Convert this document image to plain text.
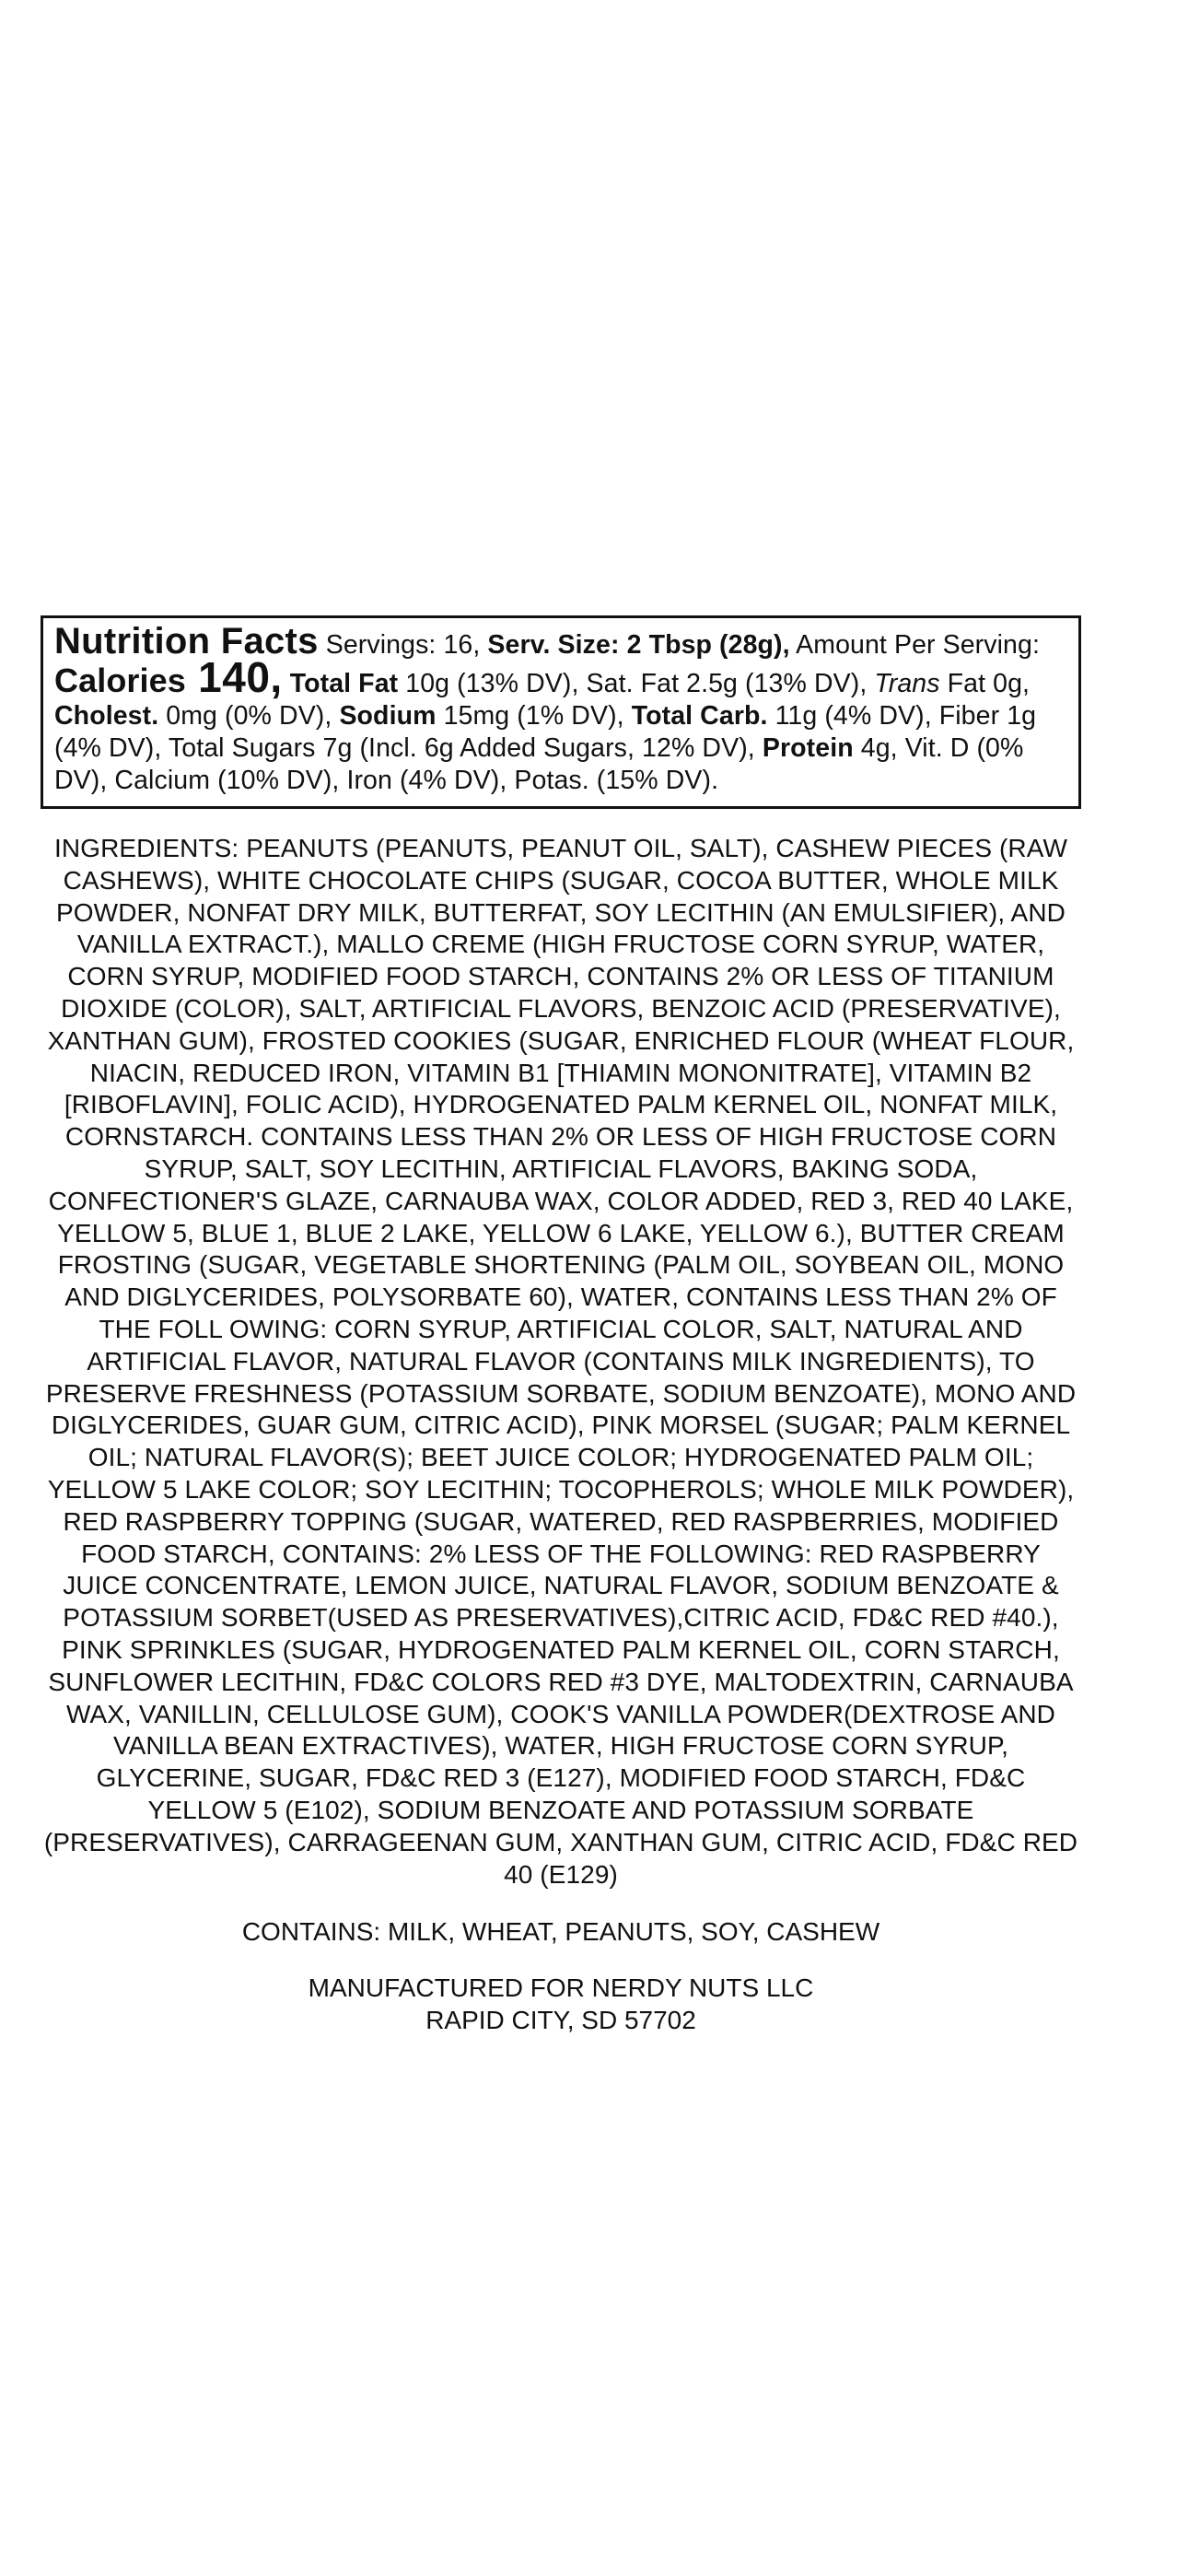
Nutrition Facts Servings: 16, Serv. Size: 2 Tbsp (28g), Amount Per Serving: Calories 140, Total Fat 10g (13% DV), Sat. Fat 2.5g (13% DV), Trans Fat 0g, Cholest. 0mg (0% DV), Sodium 15mg (1% DV), Total Carb. 11g (4% DV), Fiber 1g (4% DV), Total Sugars 7g (Incl. 6g Added Sugars, 12% DV), Protein 4g, Vit. D (0% DV), Calcium (10% DV), Iron (4% DV), Potas. (15% DV).
INGREDIENTS: PEANUTS (PEANUTS, PEANUT OIL, SALT), CASHEW PIECES (RAW CASHEWS), WHITE CHOCOLATE CHIPS (SUGAR, COCOA BUTTER, WHOLE MILK POWDER, NONFAT DRY MILK, BUTTERFAT, SOY LECITHIN (AN EMULSIFIER), AND VANILLA EXTRACT.), MALLO CREME (HIGH FRUCTOSE CORN SYRUP, WATER, CORN SYRUP, MODIFIED FOOD STARCH, CONTAINS 2% OR LESS OF TITANIUM DIOXIDE (COLOR), SALT, ARTIFICIAL FLAVORS, BENZOIC ACID (PRESERVATIVE), XANTHAN GUM), FROSTED COOKIES (SUGAR, ENRICHED FLOUR (WHEAT FLOUR, NIACIN, REDUCED IRON, VITAMIN B1 [THIAMIN MONONITRATE], VITAMIN B2 [RIBOFLAVIN], FOLIC ACID), HYDROGENATED PALM KERNEL OIL, NONFAT MILK, CORNSTARCH. CONTAINS LESS THAN 2% OR LESS OF HIGH FRUCTOSE CORN SYRUP, SALT, SOY LECITHIN, ARTIFICIAL FLAVORS, BAKING SODA, CONFECTIONER'S GLAZE, CARNAUBA WAX, COLOR ADDED, RED 3, RED 40 LAKE, YELLOW 5, BLUE 1, BLUE 2 LAKE, YELLOW 6 LAKE, YELLOW 6.), BUTTER CREAM FROSTING (SUGAR, VEGETABLE SHORTENING (PALM OIL, SOYBEAN OIL, MONO AND DIGLYCERIDES, POLYSORBATE 60), WATER, CONTAINS LESS THAN 2% OF THE FOLL OWING: CORN SYRUP, ARTIFICIAL COLOR, SALT, NATURAL AND ARTIFICIAL FLAVOR, NATURAL FLAVOR (CONTAINS MILK INGREDIENTS), TO PRESERVE FRESHNESS (POTASSIUM SORBATE, SODIUM BENZOATE), MONO AND DIGLYCERIDES, GUAR GUM, CITRIC ACID), PINK MORSEL (SUGAR; PALM KERNEL OIL; NATURAL FLAVOR(S); BEET JUICE COLOR; HYDROGENATED PALM OIL; YELLOW 5 LAKE COLOR; SOY LECITHIN; TOCOPHEROLS; WHOLE MILK POWDER), RED RASPBERRY TOPPING (SUGAR, WATERED, RED RASPBERRIES, MODIFIED FOOD STARCH, CONTAINS: 2% LESS OF THE FOLLOWING: RED RASPBERRY JUICE CONCENTRATE, LEMON JUICE, NATURAL FLAVOR, SODIUM BENZOATE & POTASSIUM SORBET(USED AS PRESERVATIVES),CITRIC ACID, FD&C RED #40.), PINK SPRINKLES (SUGAR, HYDROGENATED PALM KERNEL OIL, CORN STARCH, SUNFLOWER LECITHIN, FD&C COLORS RED #3 DYE, MALTODEXTRIN, CARNAUBA WAX, VANILLIN, CELLULOSE GUM), COOK'S VANILLA POWDER(DEXTROSE AND VANILLA BEAN EXTRACTIVES), WATER, HIGH FRUCTOSE CORN SYRUP, GLYCERINE, SUGAR, FD&C RED 3 (E127), MODIFIED FOOD STARCH, FD&C YELLOW 5 (E102), SODIUM BENZOATE AND POTASSIUM SORBATE (PRESERVATIVES), CARRAGEENAN GUM, XANTHAN GUM, CITRIC ACID, FD&C RED 40 (E129)
CONTAINS: MILK, WHEAT, PEANUTS, SOY, CASHEW
MANUFACTURED FOR NERDY NUTS LLC
RAPID CITY, SD 57702
